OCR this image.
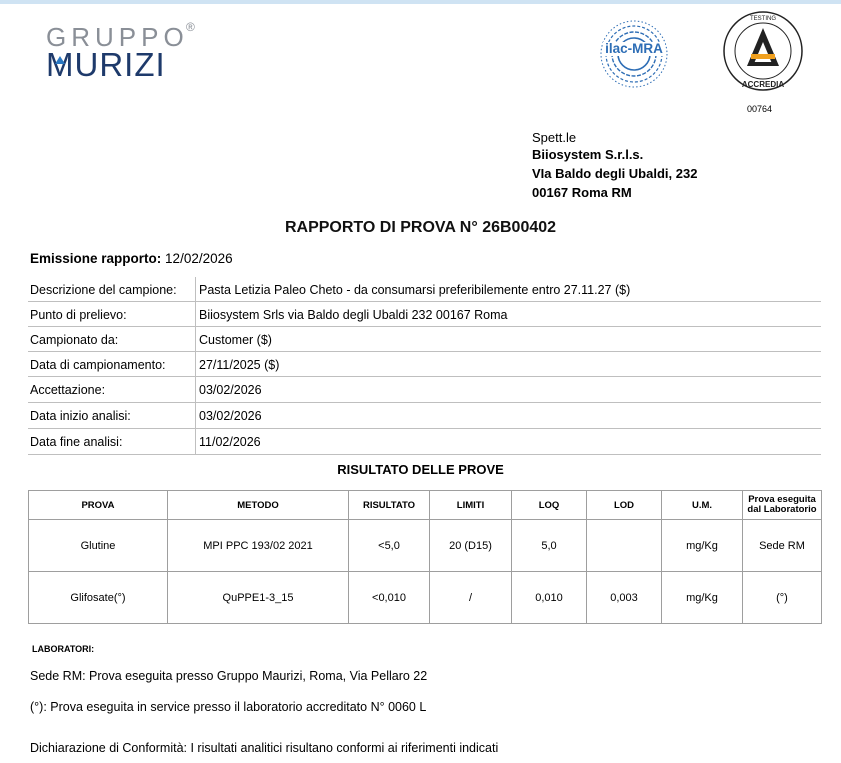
GRUPPO
®
MURIZI	ilac-MRA
TESTING
ACCREDIA
00764
Spett.le
Biiosystem S.r.l.s.
VIa Baldo degli Ubaldi, 232
00167 Roma RM
RAPPORTO DI PROVA N° 26B00402
Emissione rapporto: 12/02/2026
Descrizione del campione: Pasta Letizia Paleo Cheto - da consumarsi preferibilemente entro 27.11.27 ($)
Punto di prelievo:	Biiosystem Srls via Baldo degli Ubaldi 232 00167 Roma
Campionato da:	Customer ($)
Data di campionamento:	27/11/2025 ($)
Accettazione:	03/02/2026
Data inizio analisi:	03/02/2026
Data fine analisi:	11/02/2026
RISULTATO DELLE PROVE
PROVA	METODO	RISULTATO	LIMITI	LOQ	LOD	U.M.	Prova eseguita dal Laboratorio
Glutine	MPI PPC 193/02 2021	<5,0	20 (D15)	5,0		mg/Kg	Sede RM
Glifosate(°)	QuPPE1-3_15	<0,010	/	0,010	0,003	mg/Kg	(°)
LABORATORI:
Sede RM: Prova eseguita presso Gruppo Maurizi, Roma, Via Pellaro 22
(°): Prova eseguita in service presso il laboratorio accreditato N° 0060 L
Dichiarazione di Conformità: I risultati analitici risultano conformi ai riferimenti indicati
